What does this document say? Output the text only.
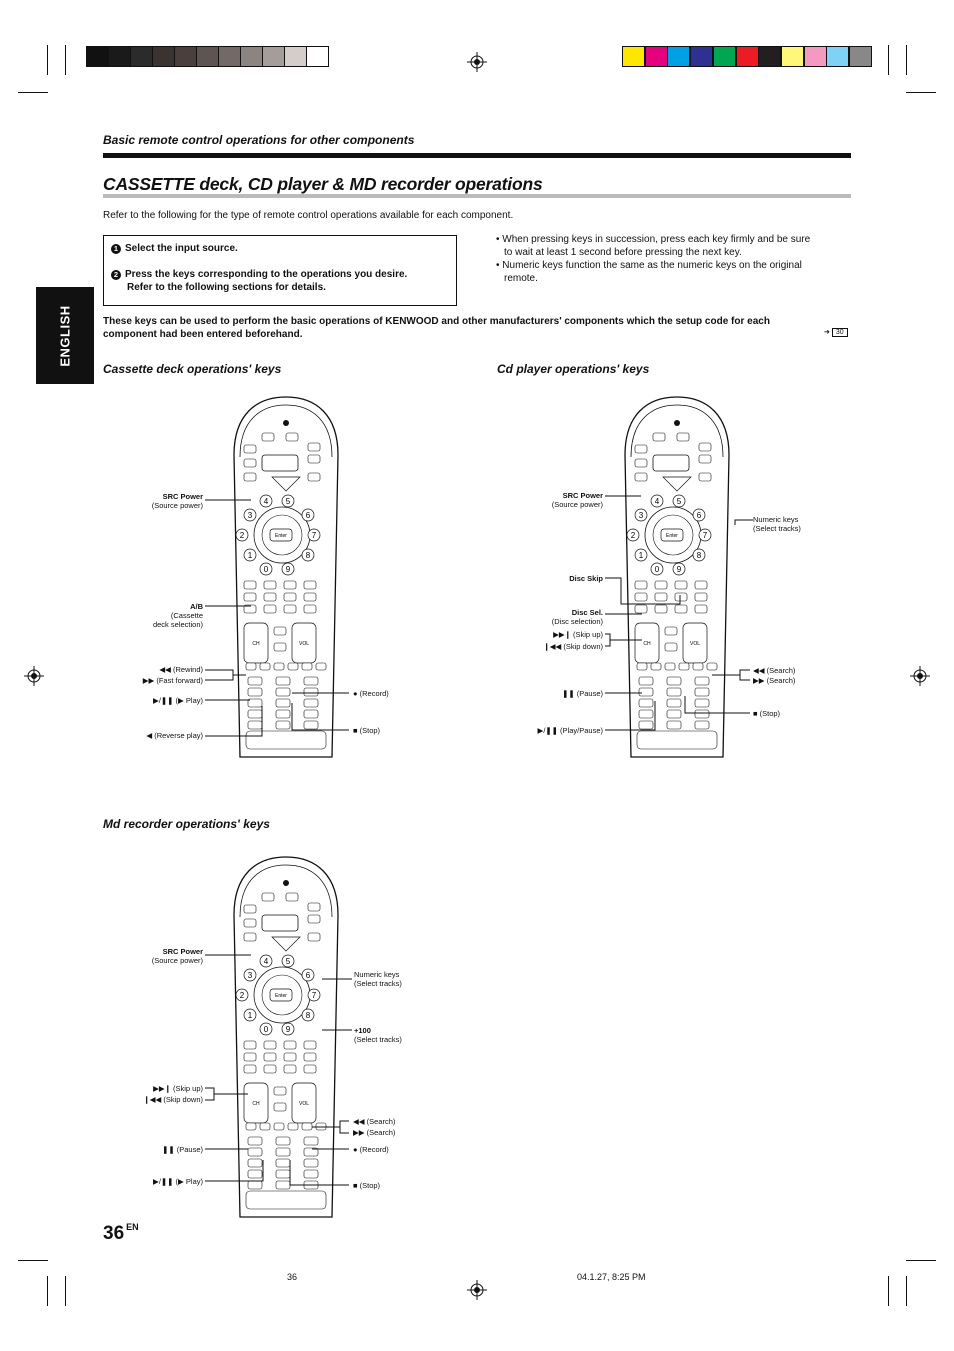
Basic remote control operations for other components
CASSETTE deck, CD player & MD recorder operations
Refer to the following for the type of remote control operations available for each component.
1 Select the input source.
2 Press the keys corresponding to the operations you desire.
Refer to the following sections for details.
• When pressing keys in succession, press each key firmly and be sure
to wait at least 1 second before pressing the next key.
• Numeric keys function the same as the numeric keys on the original
remote.
These keys can be used to perform the basic operations of KENWOOD and other manufacturers' components which the setup code for each
component had been entered beforehand.	➜ 30
ENGLISH
Cassette deck operations' keys	Cd player operations' keys
Md recorder operations' keys
Enter
4 5
3	6
2	7
1	8
0 9
CH	VOL
Enter
4 5
3	6
2	7
1	8
0 9
CH	VOL
Enter
4 5
3	6
2	7
1	8
0 9
CH	VOL
SRC Power
(Source power)
A/B
(Cassette
deck selection)
◀◀ (Rewind)
▶▶ (Fast forward)
▶/❚❚ (▶ Play)
◀ (Reverse play)
● (Record)
■ (Stop)
SRC Power
(Source power)
Disc Skip
Disc Sel.
(Disc selection)
▶▶❙ (Skip up)
❙◀◀ (Skip down)
❚❚ (Pause)
▶/❚❚ (Play/Pause)
Numeric keys
(Select tracks)
◀◀ (Search)
▶▶ (Search)
■ (Stop)
SRC Power
(Source power)
Numeric keys
(Select tracks)
+100
(Select tracks)
▶▶❙ (Skip up)
❙◀◀ (Skip down)
◀◀ (Search)
▶▶ (Search)
❚❚ (Pause)	● (Record)
▶/❚❚ (▶ Play)	■ (Stop)
36 $^{EN}$
36	04.1.27, 8:25 PM
